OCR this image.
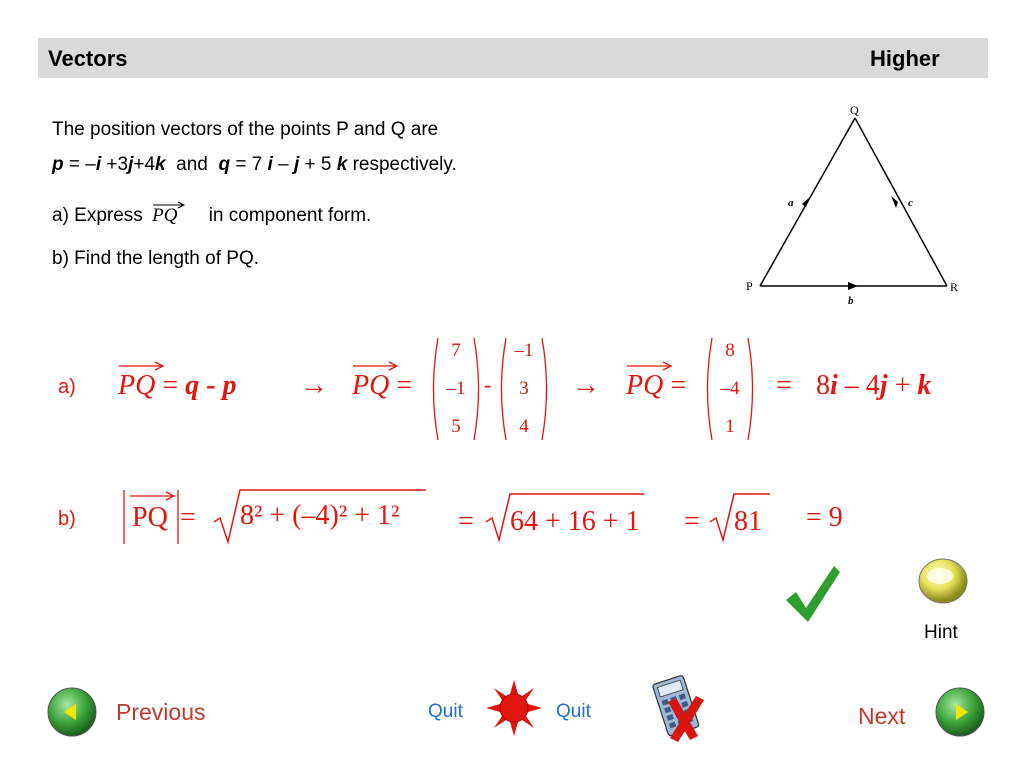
Vectors	Higher
The position vectors of the points P and Q are
p = –i +3j+4k  and  q = 7 i – j + 5 k respectively.
a) Express PQ in component form.
b) Find the length of PQ.
Q
P	R
a	c
b
a) PQ = q - p → PQ =
7
–1
5
-
–1
3
4
→ PQ =
8
–4
1
= 8i – 4j + k
b) PQ = 8² + (–4)² + 1² = 64 + 16 + 1 = 81 = 9
Hint
Previous	Quit	Quit	Next
